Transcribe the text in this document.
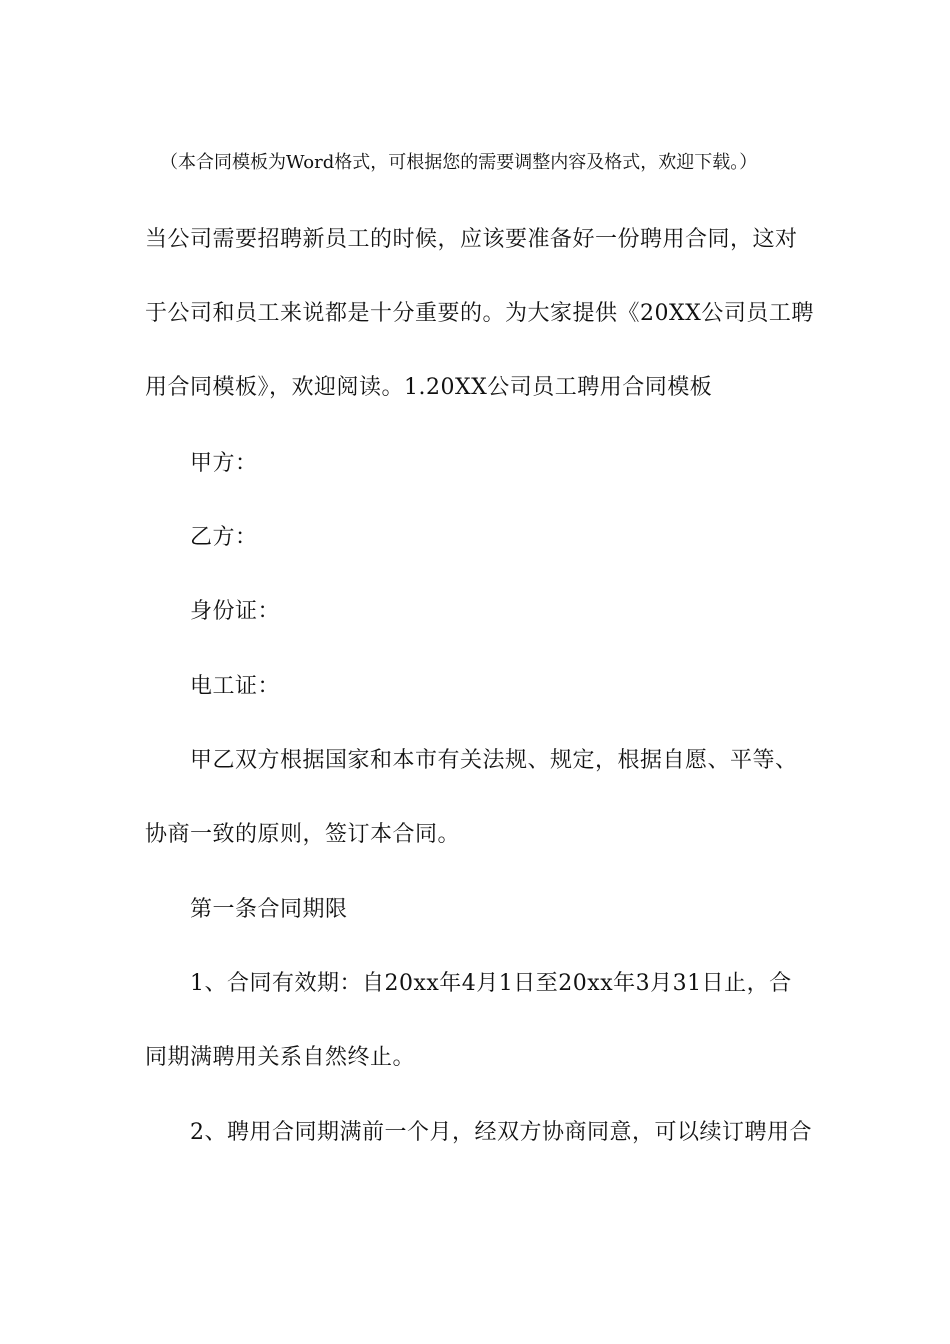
（本合同模板为Word格式，可根据您的需要调整内容及格式，欢迎下载。）
当公司需要招聘新员工的时候，应该要准备好一份聘用合同，这对
于公司和员工来说都是十分重要的。为大家提供《20XX公司员工聘
用合同模板》，欢迎阅读。1.20XX公司员工聘用合同模板
甲方：
乙方：
身份证：
电工证：
甲乙双方根据国家和本市有关法规、规定，根据自愿、平等、
协商一致的原则，签订本合同。
第一条合同期限
1、合同有效期：自20xx年4月1日至20xx年3月31日止，合
同期满聘用关系自然终止。
2、聘用合同期满前一个月，经双方协商同意，可以续订聘用合
